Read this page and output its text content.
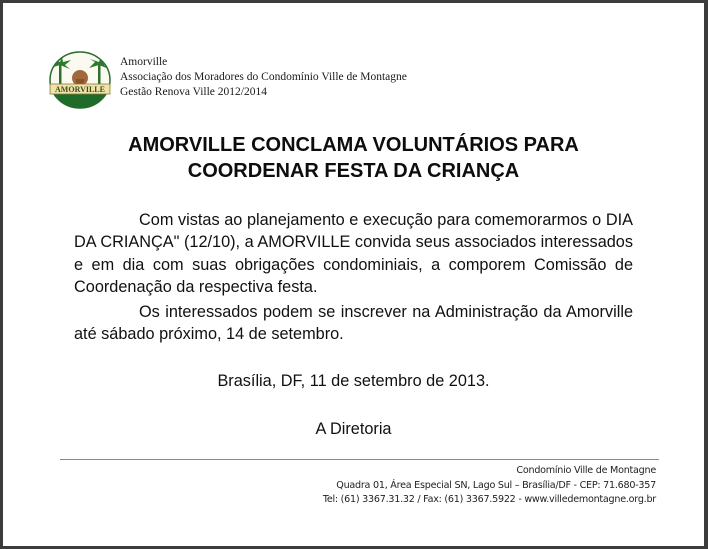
AMORVILLE
Amorville
Associação dos Moradores do Condomínio Ville de Montagne
Gestão Renova Ville 2012/2014
AMORVILLE CONCLAMA VOLUNTÁRIOS PARA
COORDENAR FESTA DA CRIANÇA

Com vistas ao planejamento e execução para comemorarmos o DIA DA CRIANÇA" (12/10), a AMORVILLE convida seus associados interessados e em dia com suas obrigações condominiais, a comporem Comissão de Coordenação da respectiva festa.

Os interessados podem se inscrever na Administração da Amorville até sábado próximo, 14 de setembro.

Brasília, DF, 11 de setembro de 2013.
A Diretoria
Condomínio Ville de Montagne
Quadra 01, Área Especial SN, Lago Sul – Brasília/DF - CEP: 71.680-357
Tel: (61) 3367.31.32 / Fax: (61) 3367.5922 - www.villedemontagne.org.br
